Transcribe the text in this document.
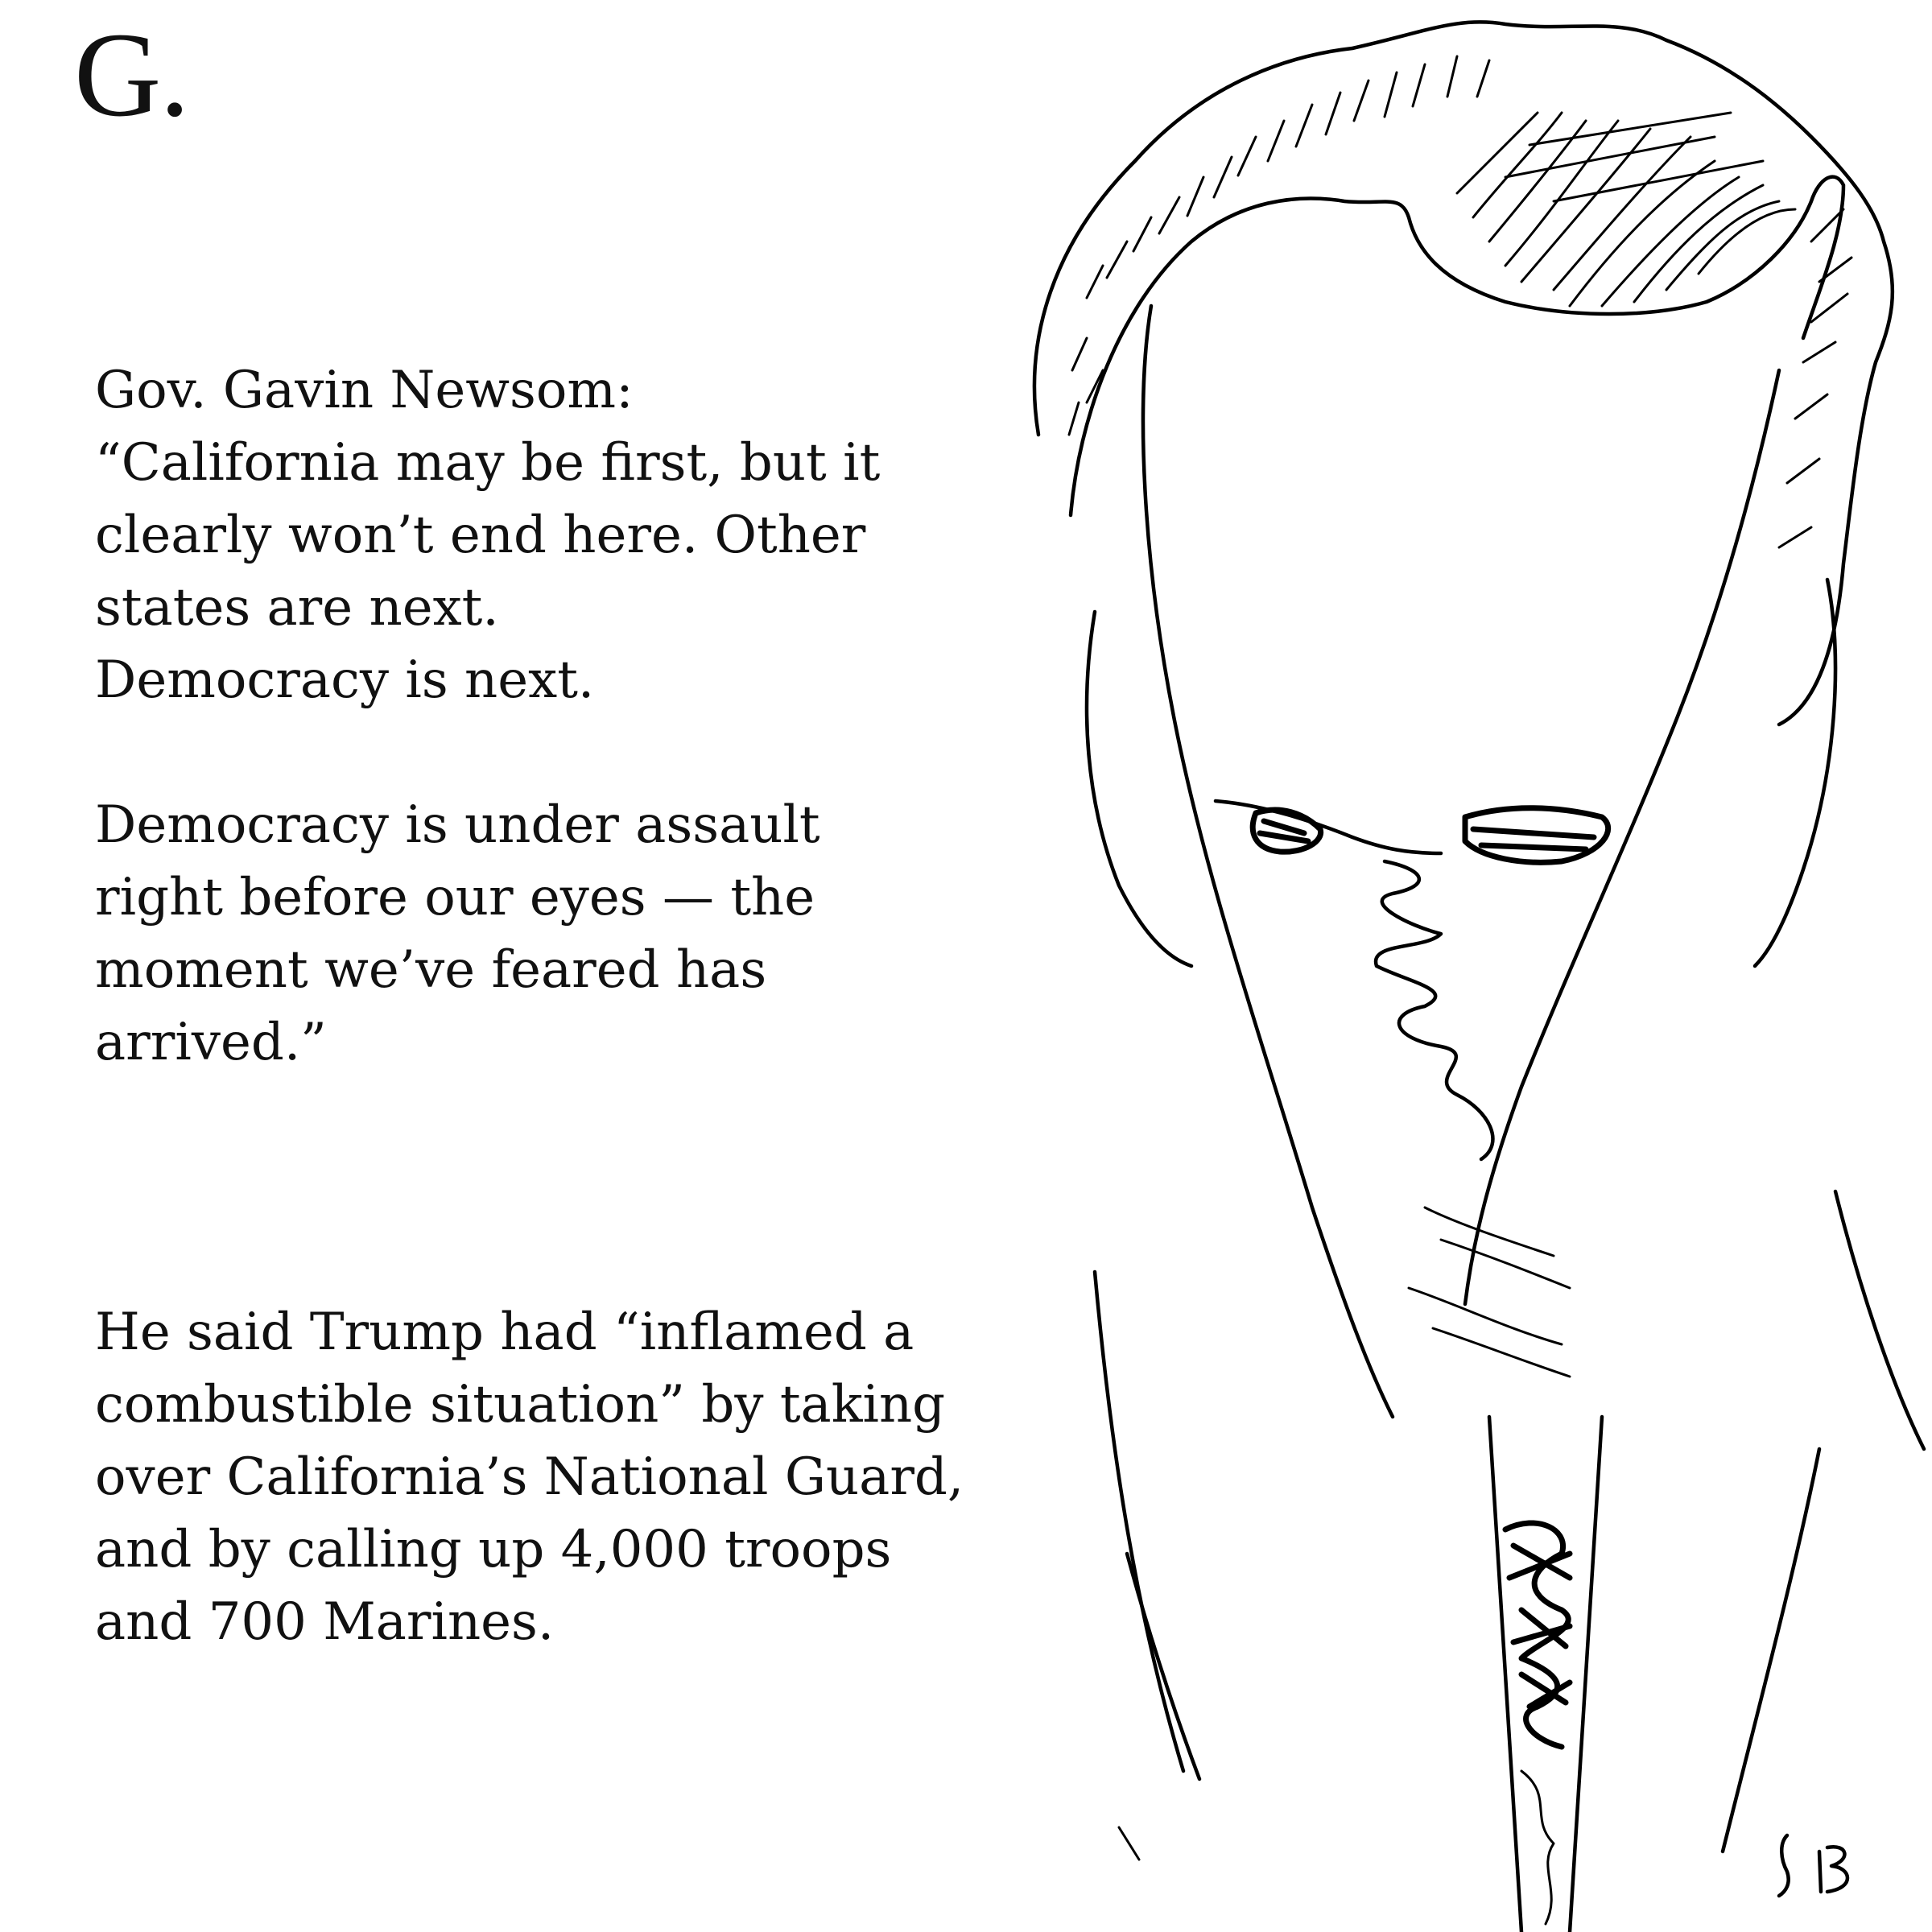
G.

Gov. Gavin Newsom:

“California may be first, but it

clearly won’t end here. Other

states are next.

Democracy is next.

Democracy is under assault

right before our eyes — the

moment we’ve feared has

arrived.”

He said Trump had “inflamed a

combustible situation” by taking

over California’s National Guard,

and by calling up 4,000 troops

and 700 Marines.
